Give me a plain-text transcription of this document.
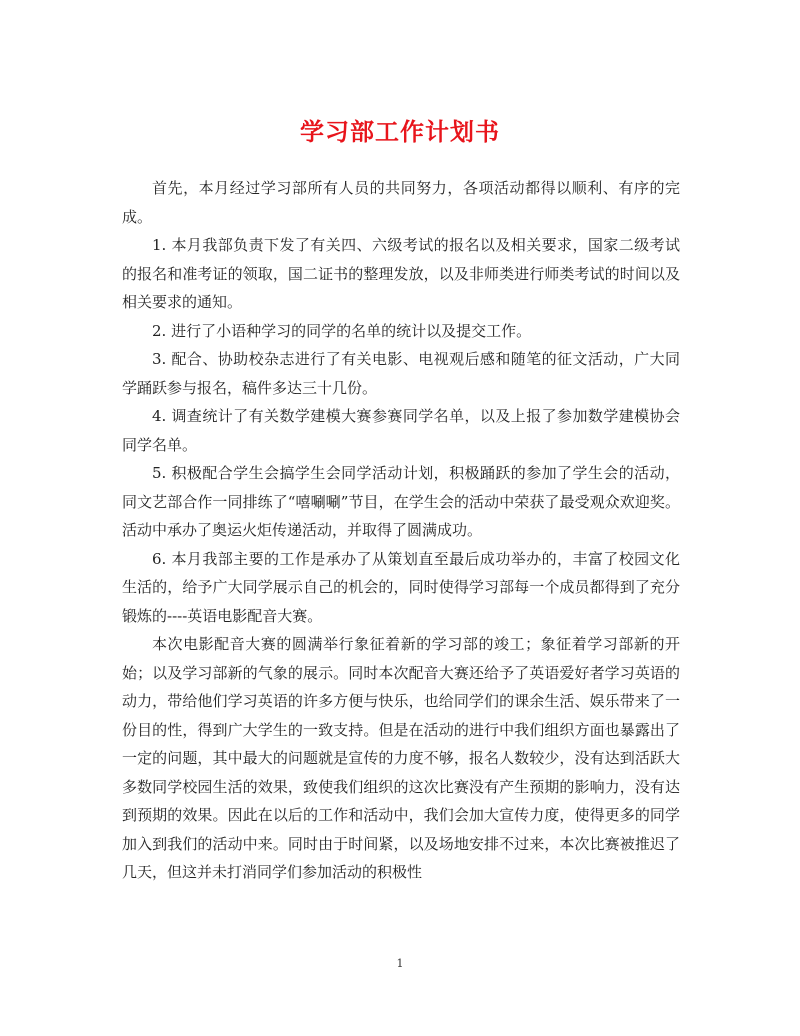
学习部工作计划书

首先，本月经过学习部所有人员的共同努力，各项活动都得以顺利、有序的完成。

1. 本月我部负责下发了有关四、六级考试的报名以及相关要求，国家二级考试的报名和准考证的领取，国二证书的整理发放，以及非师类进行师类考试的时间以及相关要求的通知。

2. 进行了小语种学习的同学的名单的统计以及提交工作。

3. 配合、协助校杂志进行了有关电影、电视观后感和随笔的征文活动，广大同学踊跃参与报名，稿件多达三十几份。

4. 调查统计了有关数学建模大赛参赛同学名单，以及上报了参加数学建模协会同学名单。

5. 积极配合学生会搞学生会同学活动计划，积极踊跃的参加了学生会的活动，同文艺部合作一同排练了“嘻唰唰”节目，在学生会的活动中荣获了最受观众欢迎奖。活动中承办了奥运火炬传递活动，并取得了圆满成功。

6. 本月我部主要的工作是承办了从策划直至最后成功举办的，丰富了校园文化生活的，给予广大同学展示自己的机会的，同时使得学习部每一个成员都得到了充分锻炼的----英语电影配音大赛。

本次电影配音大赛的圆满举行象征着新的学习部的竣工；象征着学习部新的开始；以及学习部新的气象的展示。同时本次配音大赛还给予了英语爱好者学习英语的动力，带给他们学习英语的许多方便与快乐，也给同学们的课余生活、娱乐带来了一份目的性，得到广大学生的一致支持。但是在活动的进行中我们组织方面也暴露出了一定的问题，其中最大的问题就是宣传的力度不够，报名人数较少，没有达到活跃大多数同学校园生活的效果，致使我们组织的这次比赛没有产生预期的影响力，没有达到预期的效果。因此在以后的工作和活动中，我们会加大宣传力度，使得更多的同学加入到我们的活动中来。同时由于时间紧，以及场地安排不过来，本次比赛被推迟了几天，但这并未打消同学们参加活动的积极性

1
